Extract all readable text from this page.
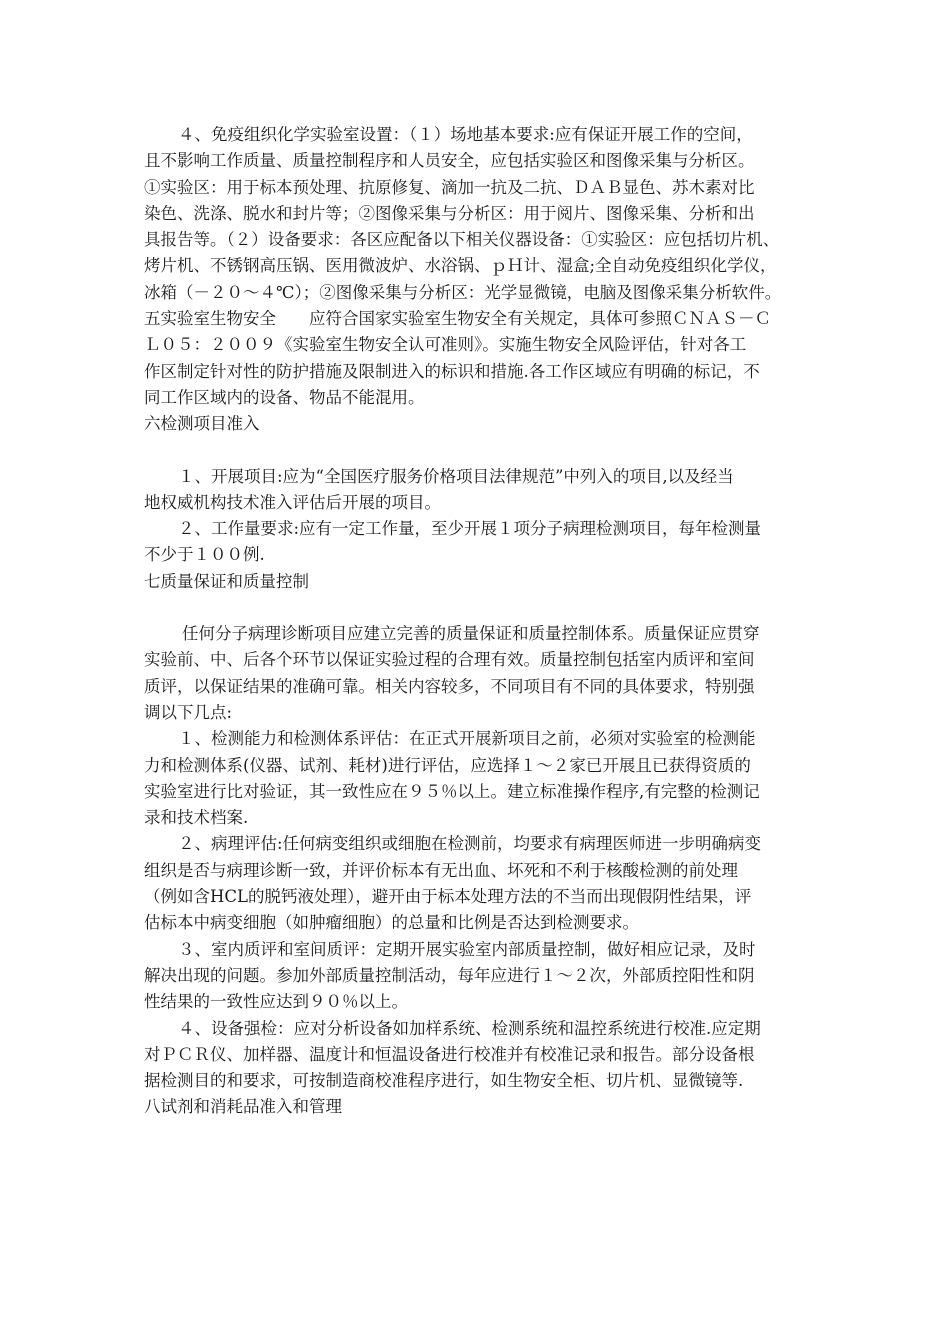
４、免疫组织化学实验室设置：（１）场地基本要求:应有保证开展工作的空间，
且不影响工作质量、质量控制程序和人员安全，应包括实验区和图像采集与分析区。
①实验区：用于标本预处理、抗原修复、滴加一抗及二抗、ＤＡＢ显色、苏木素对比
染色、洗涤、脱水和封片等；②图像采集与分析区：用于阅片、图像采集、分析和出
具报告等。（２）设备要求：各区应配备以下相关仪器设备：①实验区：应包括切片机、
烤片机、不锈钢高压锅、医用微波炉、水浴锅、ｐＨ计、湿盒;全自动免疫组织化学仪，
冰箱（－２０～４℃）；②图像采集与分析区：光学显微镜，电脑及图像采集分析软件。
五实验室生物安全　　应符合国家实验室生物安全有关规定，具体可参照ＣＮＡＳ－Ｃ
Ｌ０５：２００９《实验室生物安全认可准则》。实施生物安全风险评估，针对各工
作区制定针对性的防护措施及限制进入的标识和措施.各工作区域应有明确的标记，不
同工作区域内的设备、物品不能混用。
六检测项目准入
１、开展项目:应为“全国医疗服务价格项目法律规范”中列入的项目,以及经当
地权威机构技术准入评估后开展的项目。
２、工作量要求:应有一定工作量，至少开展１项分子病理检测项目，每年检测量
不少于１００例.
七质量保证和质量控制
任何分子病理诊断项目应建立完善的质量保证和质量控制体系。质量保证应贯穿
实验前、中、后各个环节以保证实验过程的合理有效。质量控制包括室内质评和室间
质评，以保证结果的准确可靠。相关内容较多，不同项目有不同的具体要求，特别强
调以下几点:
１、检测能力和检测体系评估：在正式开展新项目之前，必须对实验室的检测能
力和检测体系(仪器、试剂、耗材)进行评估，应选择１～２家已开展且已获得资质的
实验室进行比对验证，其一致性应在９５％以上。建立标准操作程序,有完整的检测记
录和技术档案.
２、病理评估:任何病变组织或细胞在检测前，均要求有病理医师进一步明确病变
组织是否与病理诊断一致，并评价标本有无出血、坏死和不利于核酸检测的前处理
（例如含HCL的脱钙液处理），避开由于标本处理方法的不当而出现假阴性结果，评
估标本中病变细胞（如肿瘤细胞）的总量和比例是否达到检测要求。
３、室内质评和室间质评：定期开展实验室内部质量控制，做好相应记录，及时
解决出现的问题。参加外部质量控制活动，每年应进行１～２次，外部质控阳性和阴
性结果的一致性应达到９０％以上。
４、设备强检：应对分析设备如加样系统、检测系统和温控系统进行校准.应定期
对ＰＣＲ仪、加样器、温度计和恒温设备进行校准并有校准记录和报告。部分设备根
据检测目的和要求，可按制造商校准程序进行，如生物安全柜、切片机、显微镜等.
八试剂和消耗品准入和管理
